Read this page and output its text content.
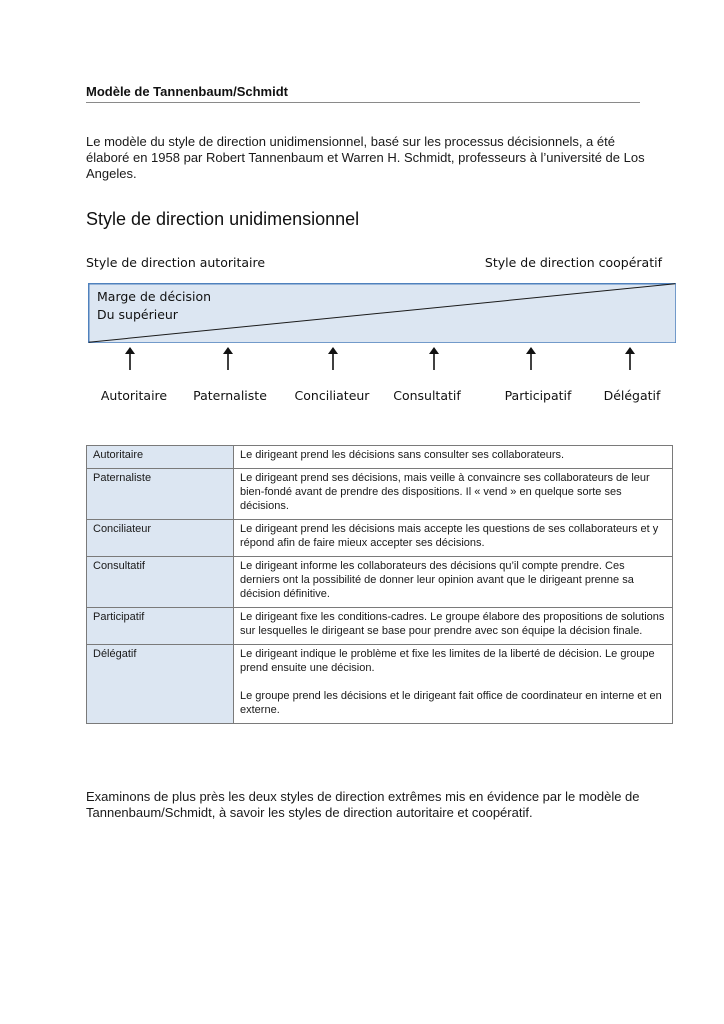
Modèle de Tannenbaum/Schmidt
Le modèle du style de direction unidimensionnel, basé sur les processus décisionnels, a été élaboré en 1958 par Robert Tannenbaum et Warren H. Schmidt, professeurs à l’université de Los Angeles.
Style de direction unidimensionnel
Style de direction autoritaire	Style de direction coopératif
Marge de décision
Du supérieur
Autoritaire Paternaliste Conciliateur Consultatif	Participatif	Délégatif
Autoritaire	Le dirigeant prend les décisions sans consulter ses collaborateurs.

Paternaliste	Le dirigeant prend ses décisions, mais veille à convaincre ses collaborateurs de leur bien-fondé avant de prendre des dispositions. Il « vend » en quelque sorte ses décisions.

Conciliateur	Le dirigeant prend les décisions mais accepte les questions de ses collaborateurs et y répond afin de faire mieux accepter ses décisions.

Consultatif	Le dirigeant informe les collaborateurs des décisions qu’il compte prendre. Ces derniers ont la possibilité de donner leur opinion avant que le dirigeant prenne sa décision définitive.

Participatif	Le dirigeant fixe les conditions-cadres. Le groupe élabore des propositions de solutions sur lesquelles le dirigeant se base pour prendre avec son équipe la décision finale.

Délégatif	Le dirigeant indique le problème et fixe les limites de la liberté de décision. Le groupe prend ensuite une décision.

Le groupe prend les décisions et le dirigeant fait office de coordinateur en interne et en externe.

Examinons de plus près les deux styles de direction extrêmes mis en évidence par le modèle de Tannenbaum/Schmidt, à savoir les styles de direction autoritaire et coopératif.
